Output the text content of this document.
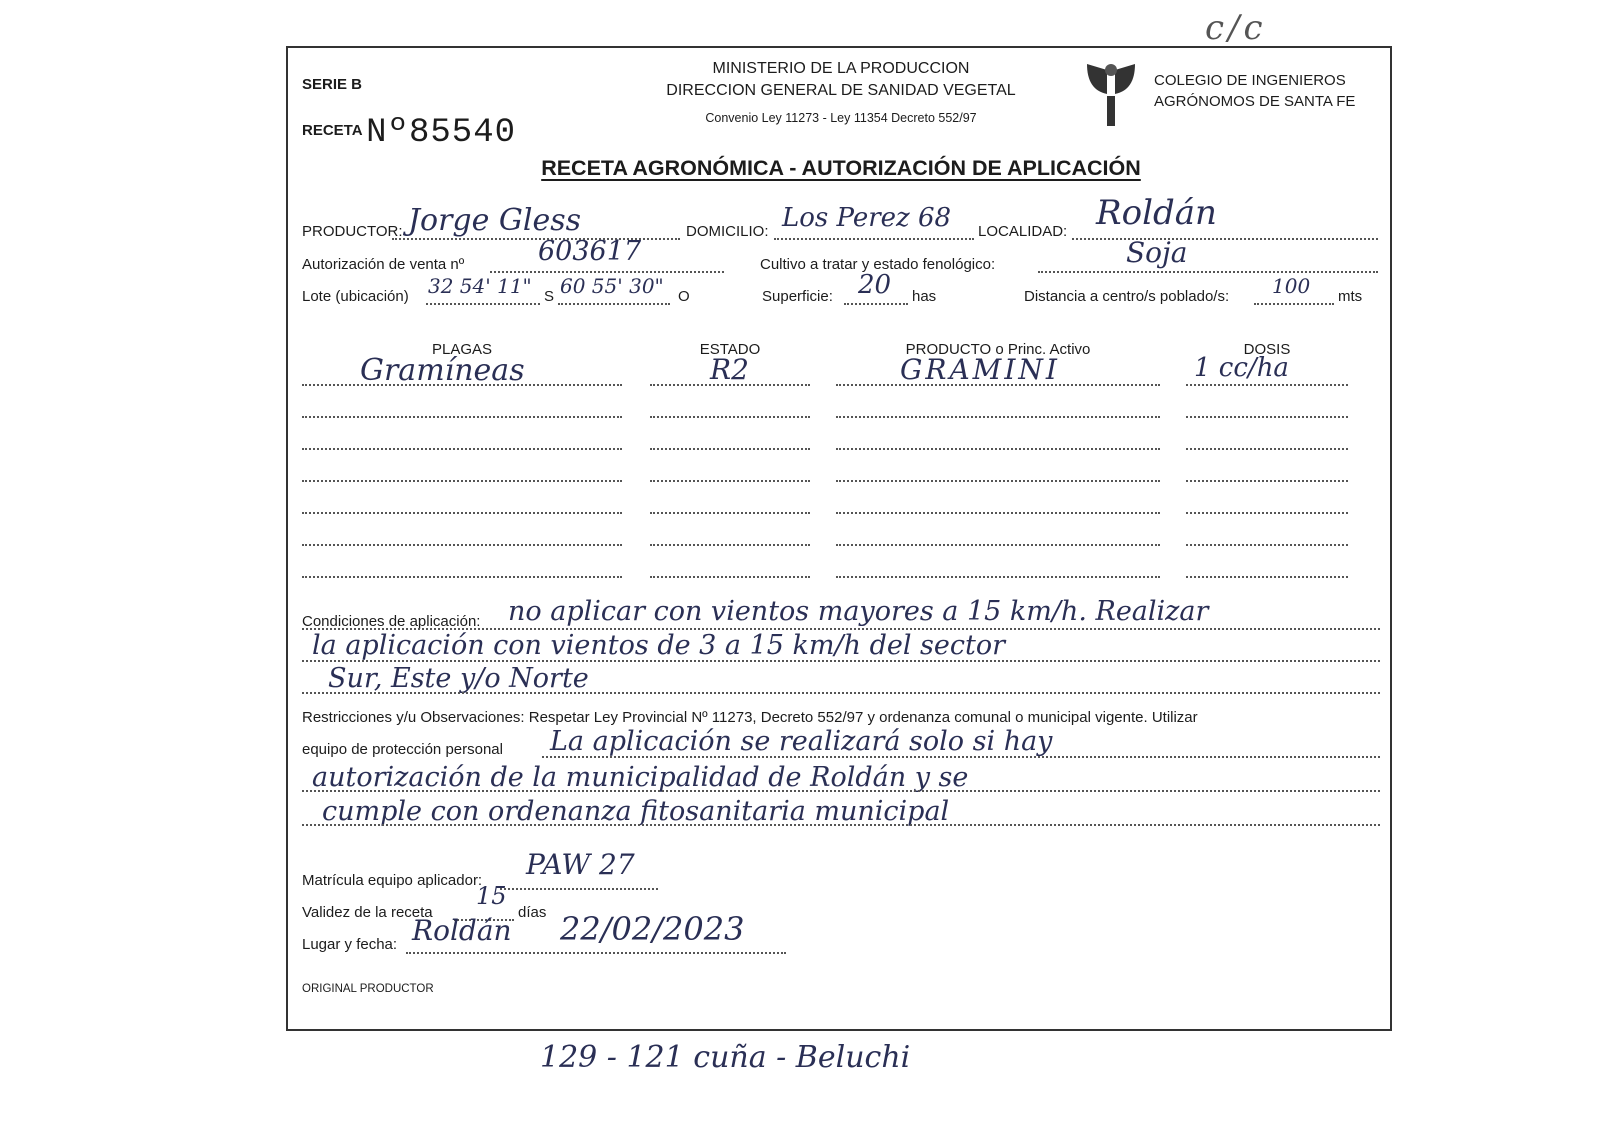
c/c
SERIE B
RECETA Nº85540
MINISTERIO DE LA PRODUCCION
DIRECCION GENERAL DE SANIDAD VEGETAL
Convenio Ley 11273 - Ley 11354 Decreto 552/97
COLEGIO DE INGENIEROS
AGRÓNOMOS DE SANTA FE
RECETA AGRONÓMICA - AUTORIZACIÓN DE APLICACIÓN
PRODUCTOR: Jorge Gless	DOMICILIO: Los Perez 68 LOCALIDAD: Roldán
Autorización de venta nº	603617	Cultivo a tratar y estado fenológico:	Soja
Lote (ubicación) 32 54' 11" S 60 55' 30" O	Superficie: 20 has	Distancia a centro/s poblado/s: 100 mts
PLAGAS	ESTADO	PRODUCTO o Princ. Activo	DOSIS
Gramíneas	R2	GRAMINI	1 cc/ha
Condiciones de aplicación: no aplicar con vientos mayores a 15 km/h. Realizar
la aplicación con vientos de 3 a 15 km/h del sector
Sur, Este y/o Norte
Restricciones y/u Observaciones: Respetar Ley Provincial Nº 11273, Decreto 552/97 y ordenanza comunal o municipal vigente. Utilizar
equipo de protección personal La aplicación se realizará solo si hay
autorización de la municipalidad de Roldán y se
cumple con ordenanza fitosanitaria municipal
Matrícula equipo aplicador: PAW 27
Validez de la receta
15
días
Lugar y fecha: Roldán 22/02/2023
ORIGINAL PRODUCTOR
129 - 121 cuña - Beluchi
